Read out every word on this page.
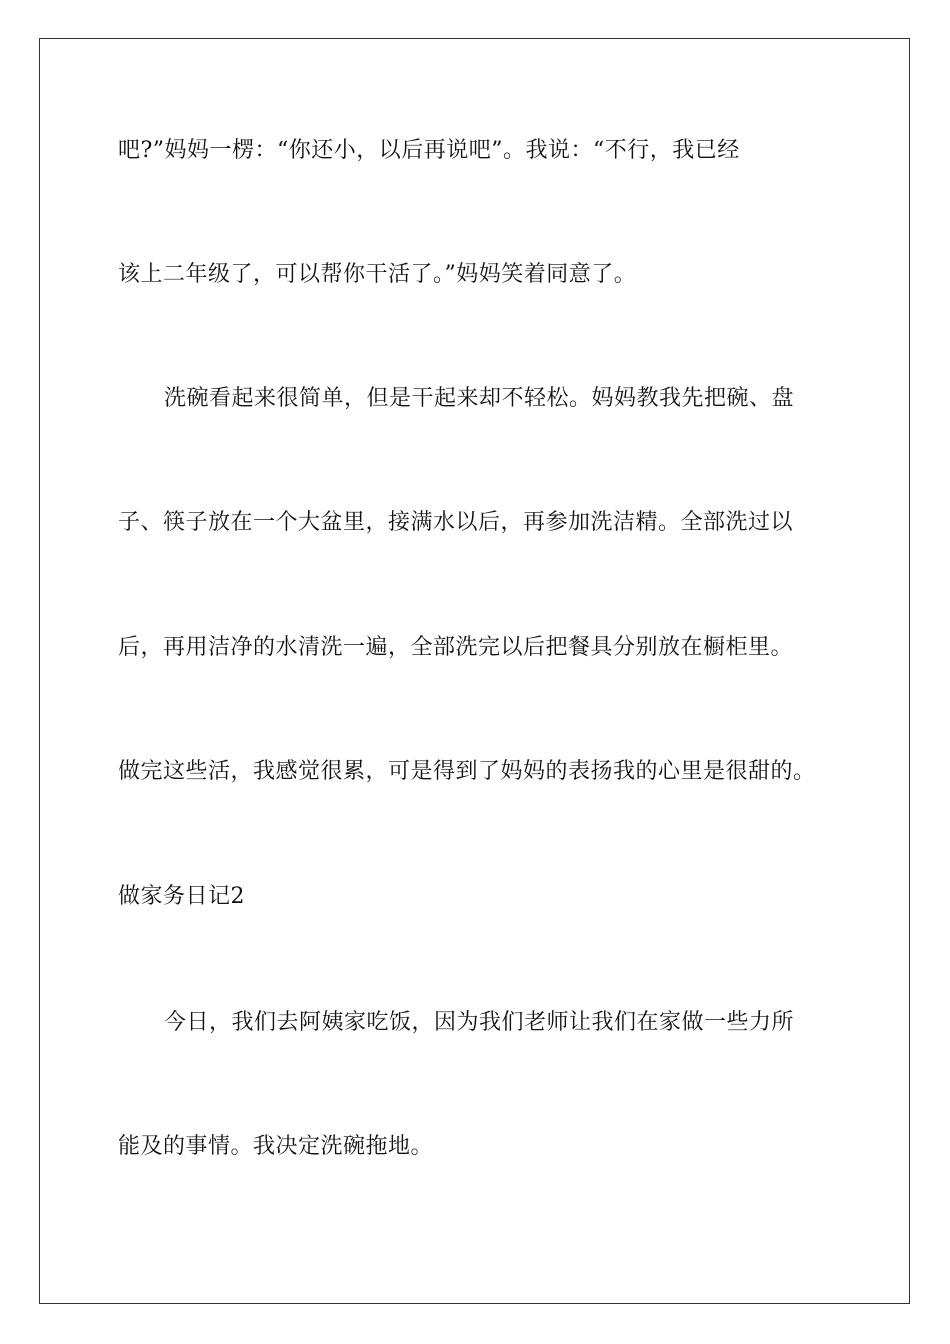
吧?”妈妈一楞：“你还小，以后再说吧”。我说：“不行，我已经
该上二年级了，可以帮你干活了。”妈妈笑着同意了。
洗碗看起来很简单，但是干起来却不轻松。妈妈教我先把碗、盘
子、筷子放在一个大盆里，接满水以后，再参加洗洁精。全部洗过以
后，再用洁净的水清洗一遍，全部洗完以后把餐具分别放在橱柜里。
做完这些活，我感觉很累，可是得到了妈妈的表扬我的心里是很甜的。
做家务日记2
今日，我们去阿姨家吃饭，因为我们老师让我们在家做一些力所
能及的事情。我决定洗碗拖地。
